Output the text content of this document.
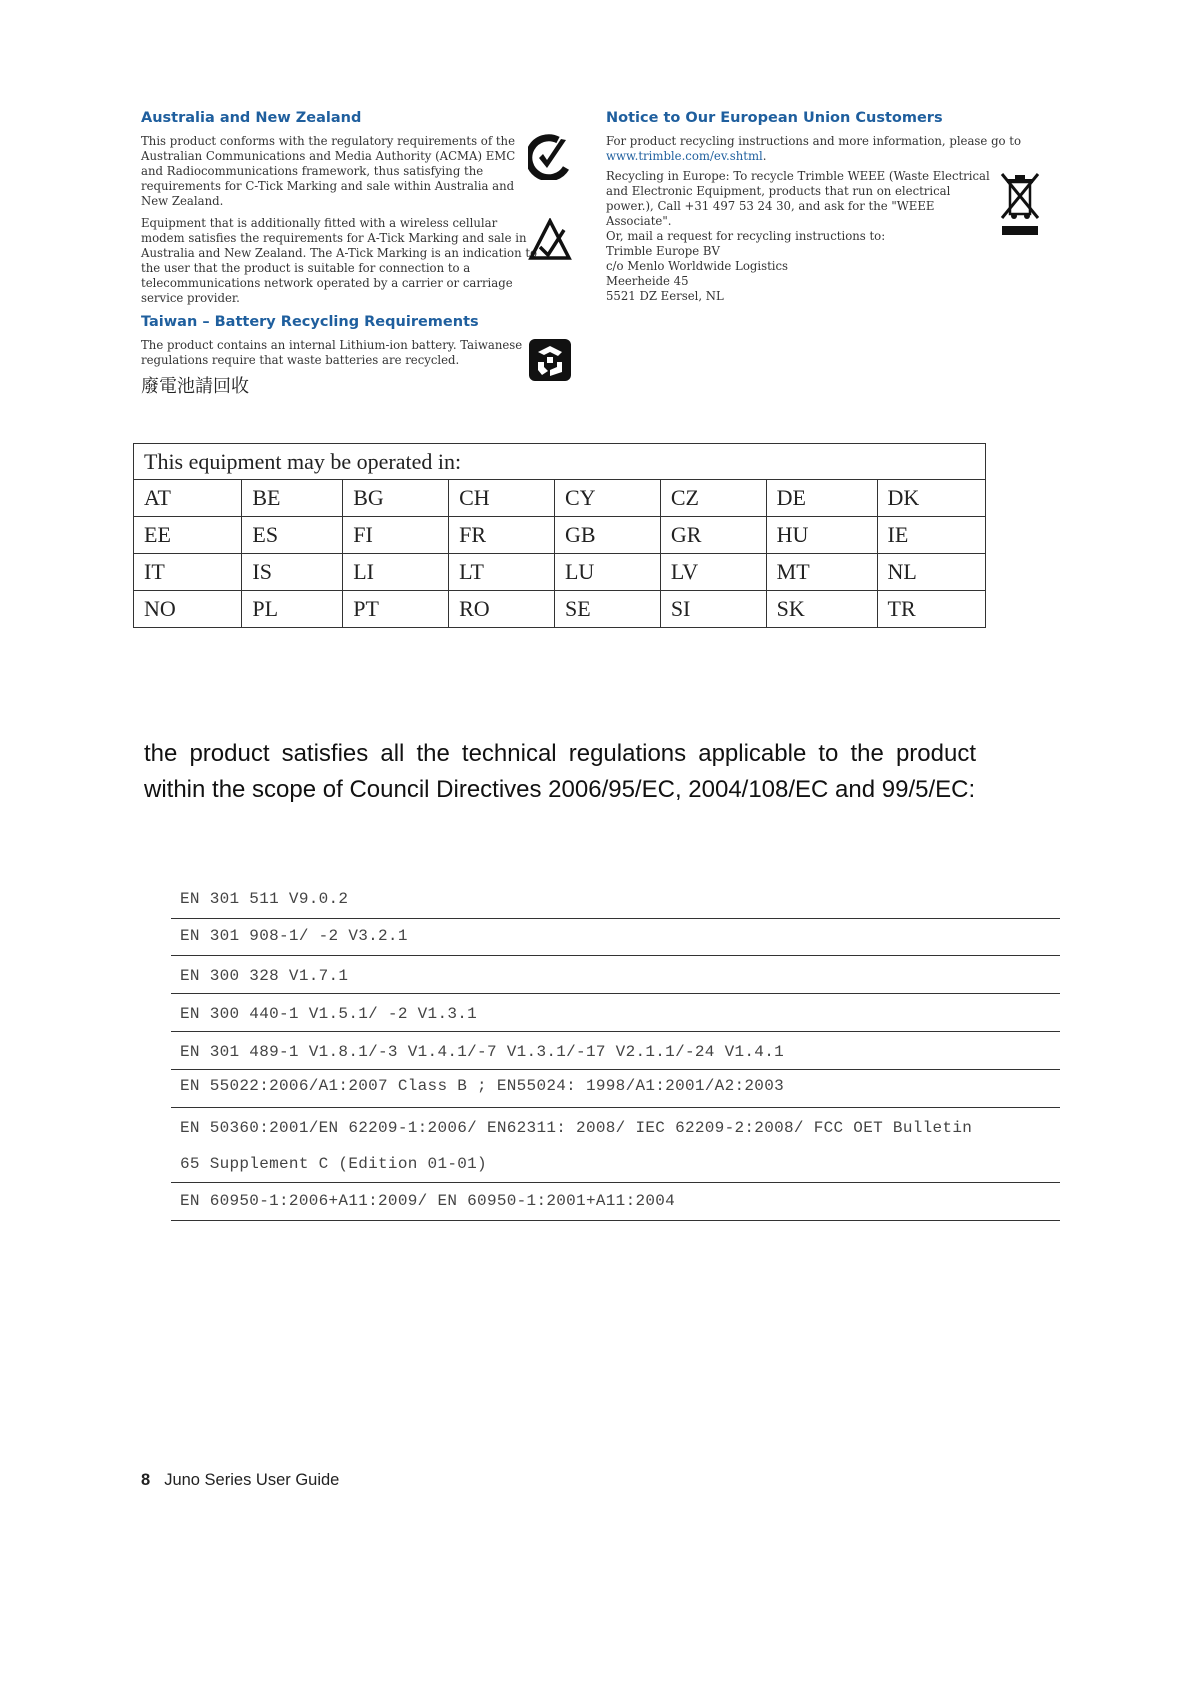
Australia and New Zealand

This product conforms with the regulatory requirements of the Australian Communications and Media Authority (ACMA) EMC and Radiocommunications framework, thus satisfying the requirements for C-Tick Marking and sale within Australia and New Zealand.

Equipment that is additionally fitted with a wireless cellular modem satisfies the requirements for A-Tick Marking and sale in Australia and New Zealand. The A-Tick Marking is an indication to the user that the product is suitable for connection to a telecommunications network operated by a carrier or carriage service provider.

Taiwan – Battery Recycling Requirements

The product contains an internal Lithium-ion battery. Taiwanese regulations require that waste batteries are recycled.

廢電池請回收
Notice to Our European Union Customers

For product recycling instructions and more information, please go to www.trimble.com/ev.shtml.

Recycling in Europe: To recycle Trimble WEEE (Waste Electrical
and Electronic Equipment, products that run on electrical
power.), Call +31 497 53 24 30, and ask for the "WEEE Associate".
Or, mail a request for recycling instructions to:
Trimble Europe BV
c/o Menlo Worldwide Logistics
Meerheide 45
5521 DZ Eersel, NL
This equipment may be operated in:							
AT	BE	BG	CH	CY	CZ	DE	DK
EE	ES	FI	FR	GB	GR	HU	IE
IT	IS	LI	LT	LU	LV	MT	NL
NO	PL	PT	RO	SE	SI	SK	TR

the product satisfies all the technical regulations applicable to the product within the scope of Council Directives 2006/95/EC, 2004/108/EC and 99/5/EC:

EN 301 511 V9.0.2
EN 301 908-1/ -2 V3.2.1
EN 300 328 V1.7.1
EN 300 440-1 V1.5.1/ -2 V1.3.1
EN 301 489-1 V1.8.1/-3 V1.4.1/-7 V1.3.1/-17 V2.1.1/-24 V1.4.1
EN 55022:2006/A1:2007 Class B ; EN55024: 1998/A1:2001/A2:2003
EN 50360:2001/EN 62209-1:2006/ EN62311: 2008/ IEC 62209-2:2008/ FCC OET Bulletin
65 Supplement C (Edition 01-01)
EN 60950-1:2006+A11:2009/ EN 60950-1:2001+A11:2004
8 Juno Series User Guide
